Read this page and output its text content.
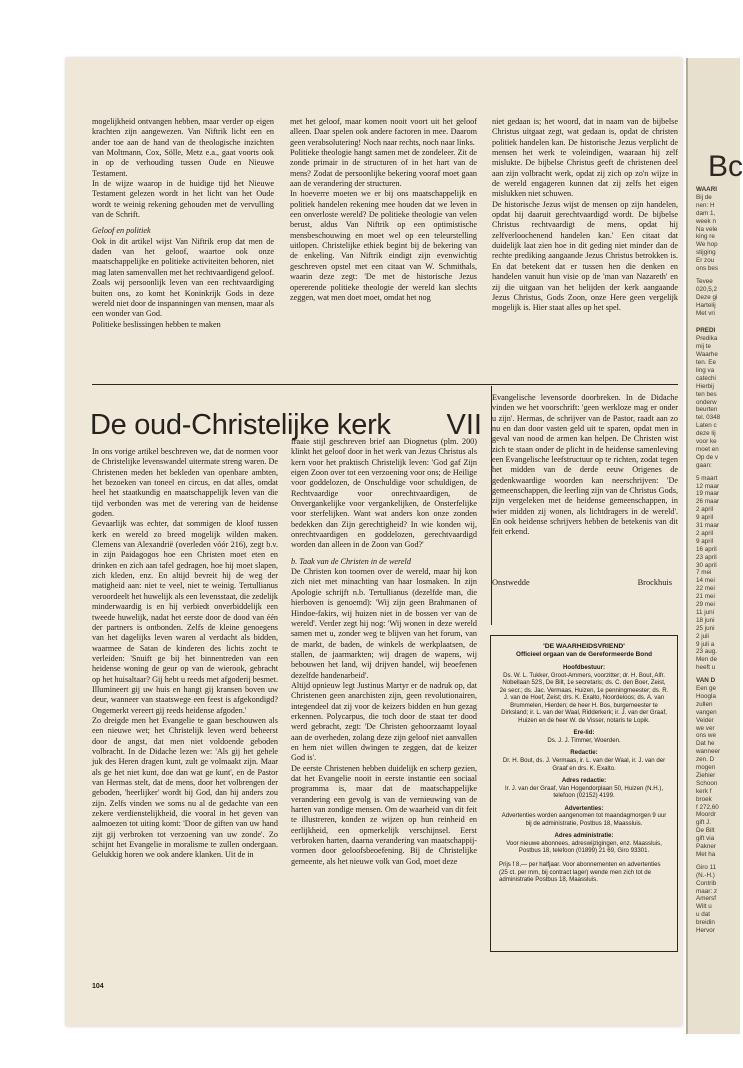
mogelijkheid ontvangen hebben, maar verder op eigen krachten zijn aangewezen. Van Niftrik licht een en ander toe aan de hand van de theologische inzichten van Moltmann, Cox, Sölle, Metz e.a., gaat voorts ook in op de verhouding tussen Oude en Nieuwe Testament.
In de wijze waarop in de huidige tijd het Nieuwe Testament gelezen wordt in het licht van het Oude wordt te weinig rekening gehouden met de vervulling van de Schrift.

Geloof en politiek

Ook in dit artikel wijst Van Niftrik erop dat men de daden van het geloof, waartoe ook onze maatschappelijke en politieke activiteiten behoren, niet mag laten samenvallen met het rechtvaardigend geloof. Zoals wij persoonlijk leven van een rechtvaardiging buiten ons, zo komt het Koninkrijk Gods in deze wereld niet door de inspanningen van mensen, maar als een wonder van God.
Politieke beslissingen hebben te maken

met het geloof, maar komen nooit voort uit het geloof alleen. Daar spelen ook andere factoren in mee. Daarom geen verabsolutering! Noch naar rechts, noch naar links.
Politieke theologie hangt samen met de zondeleer. Zit de zonde primair in de structuren of in het hart van de mens? Zodat de persoonlijke bekering vooraf moet gaan aan de verandering der structuren.
In hoeverre moeten we er bij ons maatschappelijk en politiek handelen rekening mee houden dat we leven in een onverloste wereld? De politieke theologie van velen berust, aldus Van Niftrik op een optimistische mensbeschouwing en moet wel op een teleurstelling uitlopen. Christelijke ethiek begint bij de bekering van de enkeling. Van Niftrik eindigt zijn evenwichtig geschreven opstel met een citaat van W. Schmithals, waarin deze zegt: 'De met de historische Jezus opererende politieke theologie der wereld kan slechts zeggen, wat men doet moet, omdat het nog

niet gedaan is; het woord, dat in naam van de bijbelse Christus uitgaat zegt, wat gedaan is, opdat de christen politiek handelen kan. De historische Jezus verplicht de mensen het werk te voleindigen, waaraan hij zelf mislukte. De bijbelse Christus geeft de christenen deel aan zijn volbracht werk, opdat zij zich op zo'n wijze in de wereld engageren kunnen dat zij zelfs het eigen mislukken niet schuwen.
De historische Jezus wijst de mensen op zijn handelen, opdat hij daaruit gerechtvaardigd wordt. De bijbelse Christus rechtvaardigt de mens, opdat hij zelfverloochenend handelen kan.' Een citaat dat duidelijk laat zien hoe in dit geding niet minder dan de rechte prediking aangaande Jezus Christus betrokken is. En dat betekent dat er tussen hen die denken en handelen vanuit hun visie op de 'man van Nazareth' en zij die uitgaan van het belijden der kerk aangaande Jezus Christus, Gods Zoon, onze Here geen vergelijk mogelijk is. Hier staat alles op het spel.

De oud-Christelijke kerk VII

In ons vorige artikel beschreven we, dat de normen voor de Christelijke levenswandel uitermate streng waren. De Christenen meden het bekleden van openbare ambten, het bezoeken van toneel en circus, en dat alles, omdat heel het staatkundig en maatschappelijk leven van die tijd verbonden was met de verering van de heidense goden.
Gevaarlijk was echter, dat sommigen de kloof tussen kerk en wereld zo breed mogelijk wilden maken. Clemens van Alexandrië (overleden vóór 216), zegt b.v. in zijn Paidagogos hoe een Christen moet eten en drinken en zich aan tafel gedragen, hoe hij moet slapen, zich kleden, enz. En altijd bevreit hij de weg der matigheid aan: niet te veel, niet te weinig. Tertullianus veroordeelt het huwelijk als een levensstaat, die zedelijk minderwaardig is en hij verbiedt onverbiddelijk een tweede huwelijk, nadat het eerste door de dood van één der partners is ontbonden. Zelfs de kleine genoegens van het dagelijks leven waren al verdacht als bidden, waarmee de Satan de kinderen des lichts zocht te verleiden: 'Snuift ge bij het binnentreden van een heidense woning de geur op van de wierook, gebracht op het huisaltaar? Gij hebt u reeds met afgoderij besmet. Illumineert gij uw huis en hangt gij kransen boven uw deur, wanneer van staatswege een feest is afgekondigd? Ongemerkt vereert gij reeds heidense afgoden.'
Zo dreigde men het Evangelie te gaan beschouwen als een nieuwe wet; het Christelijk leven werd beheerst door de angst, dat men niet voldoende geboden volbracht. In de Didache lezen we: 'Als gij het gehele juk des Heren dragen kunt, zult ge volmaakt zijn. Maar als ge het niet kunt, doe dan wat ge kunt', en de Pastor van Hermas stelt, dat de mens, door het volbrengen der geboden, 'heerlijker' wordt bij God, dan hij anders zou zijn. Zelfs vinden we soms nu al de gedachte van een zekere verdienstelijkheid, die vooral in het geven van aalmoezen tot uiting komt: 'Door de giften van uw hand zijt gij verbroken tot verzoening van uw zonde'. Zo schijnt het Evangelie in moralisme te zullen ondergaan. Gelukkig horen we ook andere klanken. Uit de in

fraaie stijl geschreven brief aan Diognetus (plm. 200) klinkt het geloof door in het werk van Jezus Christus als kern voor het praktisch Christelijk leven: 'God gaf Zijn eigen Zoon over tot een verzoening voor ons; de Heilige voor goddelozen, de Onschuldige voor schuldigen, de Rechtvaardige voor onrechtvaardigen, de Onvergankelijke voor vergankelijken, de Onsterfelijke voor sterfelijken. Want wat anders kon onze zonden bedekken dan Zijn gerechtigheid? In wie konden wij, onrechtvaardigen en goddelozen, gerechtvaardigd worden dan alleen in de Zoon van God?'

b. Taak van de Christen in de wereld

De Christen kon toornen over de wereld, maar hij kon zich niet met minachting van haar losmaken. In zijn Apologie schrijft n.b. Tertullianus (dezelfde man, die hierboven is genoemd): 'Wij zijn geen Brahmanen of Hindoe-fakirs, wij huizen niet in de bossen ver van de wereld'. Verder zegt hij nog: 'Wij wonen in deze wereld samen met u, zonder weg te blijven van het forum, van de markt, de baden, de winkels de werkplaatsen, de stallen, de jaarmarkten; wij dragen de wapens, wij bebouwen het land, wij drijven handel, wij beoefenen dezelfde handenarbeid'.
Altijd opnieuw legt Justinus Martyr er de nadruk op, dat Christenen geen anarchisten zijn, geen revolutionairen, integendeel dat zij voor de keizers bidden en hun gezag erkennen. Polycarpus, die toch door de staat ter dood werd gebracht, zegt: 'De Christen gehoorzaamt loyaal aan de overheden, zolang deze zijn geloof niet aanvallen en hem niet willen dwingen te zeggen, dat de keizer God is'.
De eerste Christenen hebben duidelijk en scherp gezien, dat het Evangelie nooit in eerste instantie een sociaal programma is, maar dat de maatschappelijke verandering een gevolg is van de vernieuwing van de harten van zondige mensen. Om de waarheid van dit feit te illustreren, konden ze wijzen op hun reinheid en eerlijkheid, een opmerkelijk verschijnsel. Eerst verbroken harten, daarna verandering van maatschappij-vormen door geloofsbeoefening. Bij de Christelijke gemeente, als het nieuwe volk van God, moet deze

Evangelische levensorde doorbreken. In de Didache vinden we het voorschrift: 'geen werkloze mag er onder u zijn'. Hermas, de schrijver van de Pastor, raadt aan zo nu en dan door vasten geld uit te sparen, opdat men in geval van nood de armen kan helpen. De Christen wist zich te staan onder de plicht in de heidense samenleving een Evangelische leefstructuur op te richten, zodat tegen het midden van de derde eeuw Origenes de gedenkwaardige woorden kan neerschrijven: 'De gemeenschappen, die leerling zijn van de Christus Gods, zijn vergeleken met de heidense gemeenschappen, in wier midden zij wonen, als lichtdragers in de wereld'. En ook heidense schrijvers hebben de betekenis van dit feit erkend.

Onstwedde	Brockhuis

'DE WAARHEIDSVRIEND'

Officieel orgaan van de Gereformeerde Bond

Hoofdbestuur:

Ds. W. L. Tukker, Groot-Ammers, voorzitter; dr. H. Bout, Alfr. Nobellaan 52S, De Bilt, 1e secretaris; ds. C. den Boer, Zeist, 2e secr.; ds. Jac. Vermaas, Huizen, 1e penningmeester; ds. R. J. van de Hoef, Zeist; drs. K. Exalto, Noordeloos; ds. A. van Brummelen, Hierden; de heer H. Bos, burgemeester te Dirksland; ir. L. van der Waal, Ridderkerk; ir. J. van der Graaf, Huizen en de heer W. de Visser, notaris te Lopik.

Ere-lid:

Ds. J. J. Timmer, Woerden.

Redactie:

Dr. H. Bout, ds. J. Vermaas, ir. L. van der Waal, ir. J. van der Graaf en drs. K. Exalto.

Adres redactie:

Ir. J. van der Graaf, Van Hogendorplaan 50, Huizen (N.H.), telefoon (02152) 4199.

Advertenties:

Advertenties worden aangenomen tot maandagmorgen 9 uur bij de administratie, Postbus 18, Maassluis.

Adres administratie:

Voor nieuwe abonnees, adreswijzigingen, enz. Maassluis, Postbus 18, telefoon (01899) 21 69, Giro 93301.

Prijs f 8,— per halfjaar. Voor abonnementen en advertenties (25 ct. per mm, bij contract lager) wende men zich tot de administratie Postbus 18, Maassluis.

104
Bc
WAARI
Bij de
nen: H
dam 1,
week n
Na vele
king re
We hop
stijging
Er zou
ons bes
Tevee
020,5,2
Deze gi
Hartelij
Met vri
PREDI
Predika
mij te
Waarhe
ten. Ee
ling va
catechi
Hierbij
ten bes
onderw
beurten
tel. 0348
Laten c
deze lij
voor ke
moet en
Op de v
gaan:
5 maart
12 maar
19 maar
26 maar
2 april
9 april
31 maar
2 april
9 april
16 april
23 april
30 april
7 mei
14 mei
22 mei
21 mei
29 mei
11 juni
18 juni
25 juni
2 juli
9 juli a
23 aug.
Men de
heeft u
VAN D
Een ge
Hoogla
zullen
vangen
Veider
we ver
ons we
Dat he
wanneer
zen. D
mogen
Ziehier
Schoon
kerk f
broek
f 272,60
Moordr
gift J.
De Bilt
gift via
Pakner
Met ha
Giro 11
(N.-H.)
Contrib
maar: z
Amersf
Wilt u
u dat
breidin
Hervor
